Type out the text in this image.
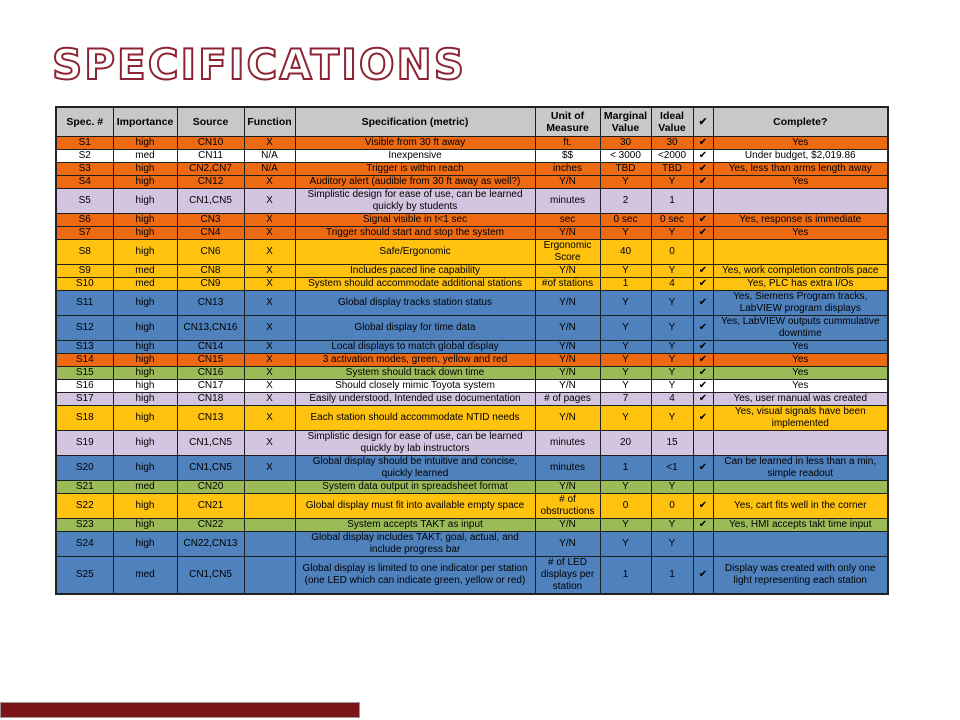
SPECIFICATIONS
Spec. #	Importance	Source	Function	Specification (metric)	Unit of Measure	Marginal Value	Ideal Value	✔	Complete?
S1	high	CN10	X	Visible from 30 ft away	ft.	30	30	✔	Yes
S2	med	CN11	N/A	Inexpensive	$$	< 3000	<2000	✔	Under budget, $2,019.86
S3	high	CN2,CN7	N/A	Trigger is within reach	inches	TBD	TBD	✔	Yes, less than arms length away
S4	high	CN12	X	Auditory alert (audible from 30 ft away as well?)	Y/N	Y	Y	✔	Yes
S5	high	CN1,CN5	X	Simplistic design for ease of use, can be learned quickly by students	minutes	2	1		
S6	high	CN3	X	Signal visible in t<1 sec	sec	0 sec	0 sec	✔	Yes, response is immediate
S7	high	CN4	X	Trigger should start and stop the system	Y/N	Y	Y	✔	Yes
S8	high	CN6	X	Safe/Ergonomic	Ergonomic Score	40	0		
S9	med	CN8	X	Includes paced line capability	Y/N	Y	Y	✔	Yes, work completion controls pace
S10	med	CN9	X	System should accommodate additional stations	#of stations	1	4	✔	Yes, PLC has extra I/Os
S11	high	CN13	X	Global display tracks station status	Y/N	Y	Y	✔	Yes, Siemens Program tracks, LabVIEW program displays
S12	high	CN13,CN16	X	Global display for time data	Y/N	Y	Y	✔	Yes, LabVIEW outputs cummulative downtime
S13	high	CN14	X	Local displays to match global display	Y/N	Y	Y	✔	Yes
S14	high	CN15	X	3 activation modes, green, yellow and red	Y/N	Y	Y	✔	Yes
S15	high	CN16	X	System should track down time	Y/N	Y	Y	✔	Yes
S16	high	CN17	X	Should closely mimic Toyota system	Y/N	Y	Y	✔	Yes
S17	high	CN18	X	Easily understood, Intended use documentation	# of pages	7	4	✔	Yes, user manual was created
S18	high	CN13	X	Each station should accommodate NTID needs	Y/N	Y	Y	✔	Yes, visual signals have been implemented
S19	high	CN1,CN5	X	Simplistic design for ease of use, can be learned quickly by lab instructors	minutes	20	15		
S20	high	CN1,CN5	X	Global display should be intuitive and concise, quickly learned	minutes	1	<1	✔	Can be learned in less than a min, simple readout
S21	med	CN20		System data output in spreadsheet format	Y/N	Y	Y		
S22	high	CN21		Global display must fit into available empty space	# of obstructions	0	0	✔	Yes, cart fits well in the corner
S23	high	CN22		System accepts TAKT as input	Y/N	Y	Y	✔	Yes, HMI accepts takt time input
S24	high	CN22,CN13		Global display includes TAKT, goal, actual, and include progress bar	Y/N	Y	Y		
S25	med	CN1,CN5		Global display is limited to one indicator per station (one LED which can indicate green, yellow or red)	# of LED displays per station	1	1	✔	Display was created with only one light representing each station
